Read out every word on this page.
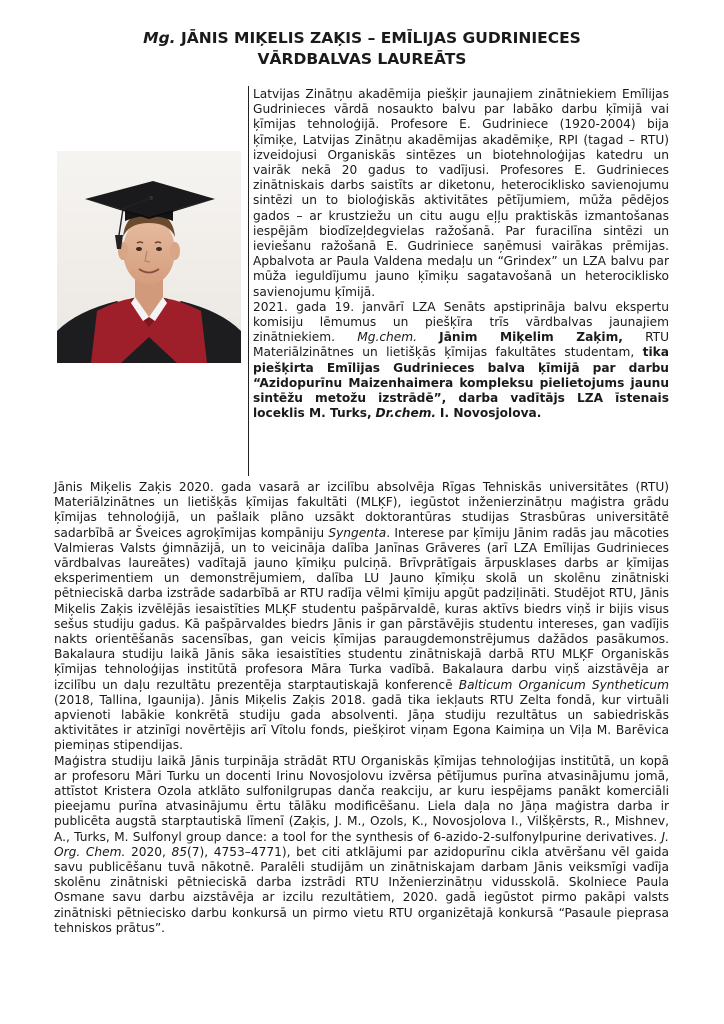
Mg. JĀNIS MIĶELIS ZAĶIS – EMĪLIJAS GUDRINIECES
VĀRDBALVAS LAUREĀTS

Latvijas Zinātņu akadēmija piešķir jaunajiem zinātniekiem Emīlijas Gudrinieces vārdā nosaukto balvu par labāko darbu ķīmijā vai ķīmijas tehnoloģijā. Profesore E. Gudriniece (1920-2004) bija ķīmiķe, Latvijas Zinātņu akadēmijas akadēmiķe, RPI (tagad – RTU) izveidojusi Organiskās sintēzes un biotehnoloģijas katedru un vairāk nekā 20 gadus to vadījusi. Profesores E. Gudrinieces zinātniskais darbs saistīts ar diketonu, heterociklisko savienojumu sintēzi un to bioloģiskās aktivitātes pētījumiem, mūža pēdējos gados – ar krustziežu un citu augu eļļu praktiskās izmantošanas iespējām biodīzeļdegvielas ražošanā. Par furacilīna sintēzi un ieviešanu ražošanā E. Gudriniece saņēmusi vairākas prēmijas. Apbalvota ar Paula Valdena medaļu un “Grindex” un LZA balvu par mūža ieguldījumu jauno ķīmiķu sagatavošanā un heterociklisko savienojumu ķīmijā.

2021. gada 19. janvārī LZA Senāts apstiprināja balvu ekspertu komisiju lēmumus un piešķīra trīs vārdbalvas jaunajiem zinātniekiem. Mg.chem. Jānim Miķelim Zaķim, RTU Materiālzinātnes un lietišķās ķīmijas fakultātes studentam, tika piešķirta Emīlijas Gudrinieces balva ķīmijā par darbu “Azidopurīnu Maizenhaimera kompleksu pielietojums jaunu sintēžu metožu izstrādē”, darba vadītājs LZA īstenais loceklis M. Turks, Dr.chem. I. Novosjolova.

Jānis Miķelis Zaķis 2020. gada vasarā ar izcilību absolvēja Rīgas Tehniskās universitātes (RTU) Materiālzinātnes un lietišķās ķīmijas fakultāti (MLĶF), iegūstot inženierzinātņu maģistra grādu ķīmijas tehnoloģijā, un pašlaik plāno uzsākt doktorantūras studijas Strasbūras universitātē sadarbībā ar Šveices agroķīmijas kompāniju Syngenta. Interese par ķīmiju Jānim radās jau mācoties Valmieras Valsts ģimnāzijā, un to veicināja dalība Janīnas Grāveres (arī LZA Emīlijas Gudrinieces vārdbalvas laureātes) vadītajā jauno ķīmiķu pulciņā. Brīvprātīgais ārpusklases darbs ar ķīmijas eksperimentiem un demonstrējumiem, dalība LU Jauno ķīmiķu skolā un skolēnu zinātniski pētnieciskā darba izstrāde sadarbībā ar RTU radīja vēlmi ķīmiju apgūt padziļināti. Studējot RTU, Jānis Miķelis Zaķis izvēlējās iesaistīties MLĶF studentu pašpārvaldē, kuras aktīvs biedrs viņš ir bijis visus sešus studiju gadus. Kā pašpārvaldes biedrs Jānis ir gan pārstāvējis studentu intereses, gan vadījis nakts orientēšanās sacensības, gan veicis ķīmijas paraugdemonstrējumus dažādos pasākumos. Bakalaura studiju laikā Jānis sāka iesaistīties studentu zinātniskajā darbā RTU MLĶF Organiskās ķīmijas tehnoloģijas institūtā profesora Māra Turka vadībā. Bakalaura darbu viņš aizstāvēja ar izcilību un daļu rezultātu prezentēja starptautiskajā konferencē Balticum Organicum Syntheticum (2018, Tallina, Igaunija). Jānis Miķelis Zaķis 2018. gadā tika iekļauts RTU Zelta fondā, kur virtuāli apvienoti labākie konkrētā studiju gada absolventi. Jāņa studiju rezultātus un sabiedriskās aktivitātes ir atzinīgi novērtējis arī Vītolu fonds, piešķirot viņam Egona Kaimiņa un Viļa M. Barēvica piemiņas stipendijas.

Maģistra studiju laikā Jānis turpināja strādāt RTU Organiskās ķīmijas tehnoloģijas institūtā, un kopā ar profesoru Māri Turku un docenti Irinu Novosjolovu izvērsa pētījumus purīna atvasinājumu jomā, attīstot Kristera Ozola atklāto sulfonilgrupas danča reakciju, ar kuru iespējams panākt komerciāli pieejamu purīna atvasinājumu ērtu tālāku modificēšanu. Liela daļa no Jāņa maģistra darba ir publicēta augstā starptautiskā līmenī (Zaķis, J. M., Ozols, K., Novosjolova I., Vilšķērsts, R., Mishnev, A., Turks, M. Sulfonyl group dance: a tool for the synthesis of 6-azido-2-sulfonylpurine derivatives. J. Org. Chem. 2020, 85(7), 4753–4771), bet citi atklājumi par azidopurīnu cikla atvēršanu vēl gaida savu publicēšanu tuvā nākotnē. Paralēli studijām un zinātniskajam darbam Jānis veiksmīgi vadīja skolēnu zinātniski pētnieciskā darba izstrādi RTU Inženierzinātņu vidusskolā. Skolniece Paula Osmane savu darbu aizstāvēja ar izcilu rezultātiem, 2020. gadā iegūstot pirmo pakāpi valsts zinātniski pētniecisko darbu konkursā un pirmo vietu RTU organizētajā konkursā “Pasaule pieprasa tehniskos prātus”.
